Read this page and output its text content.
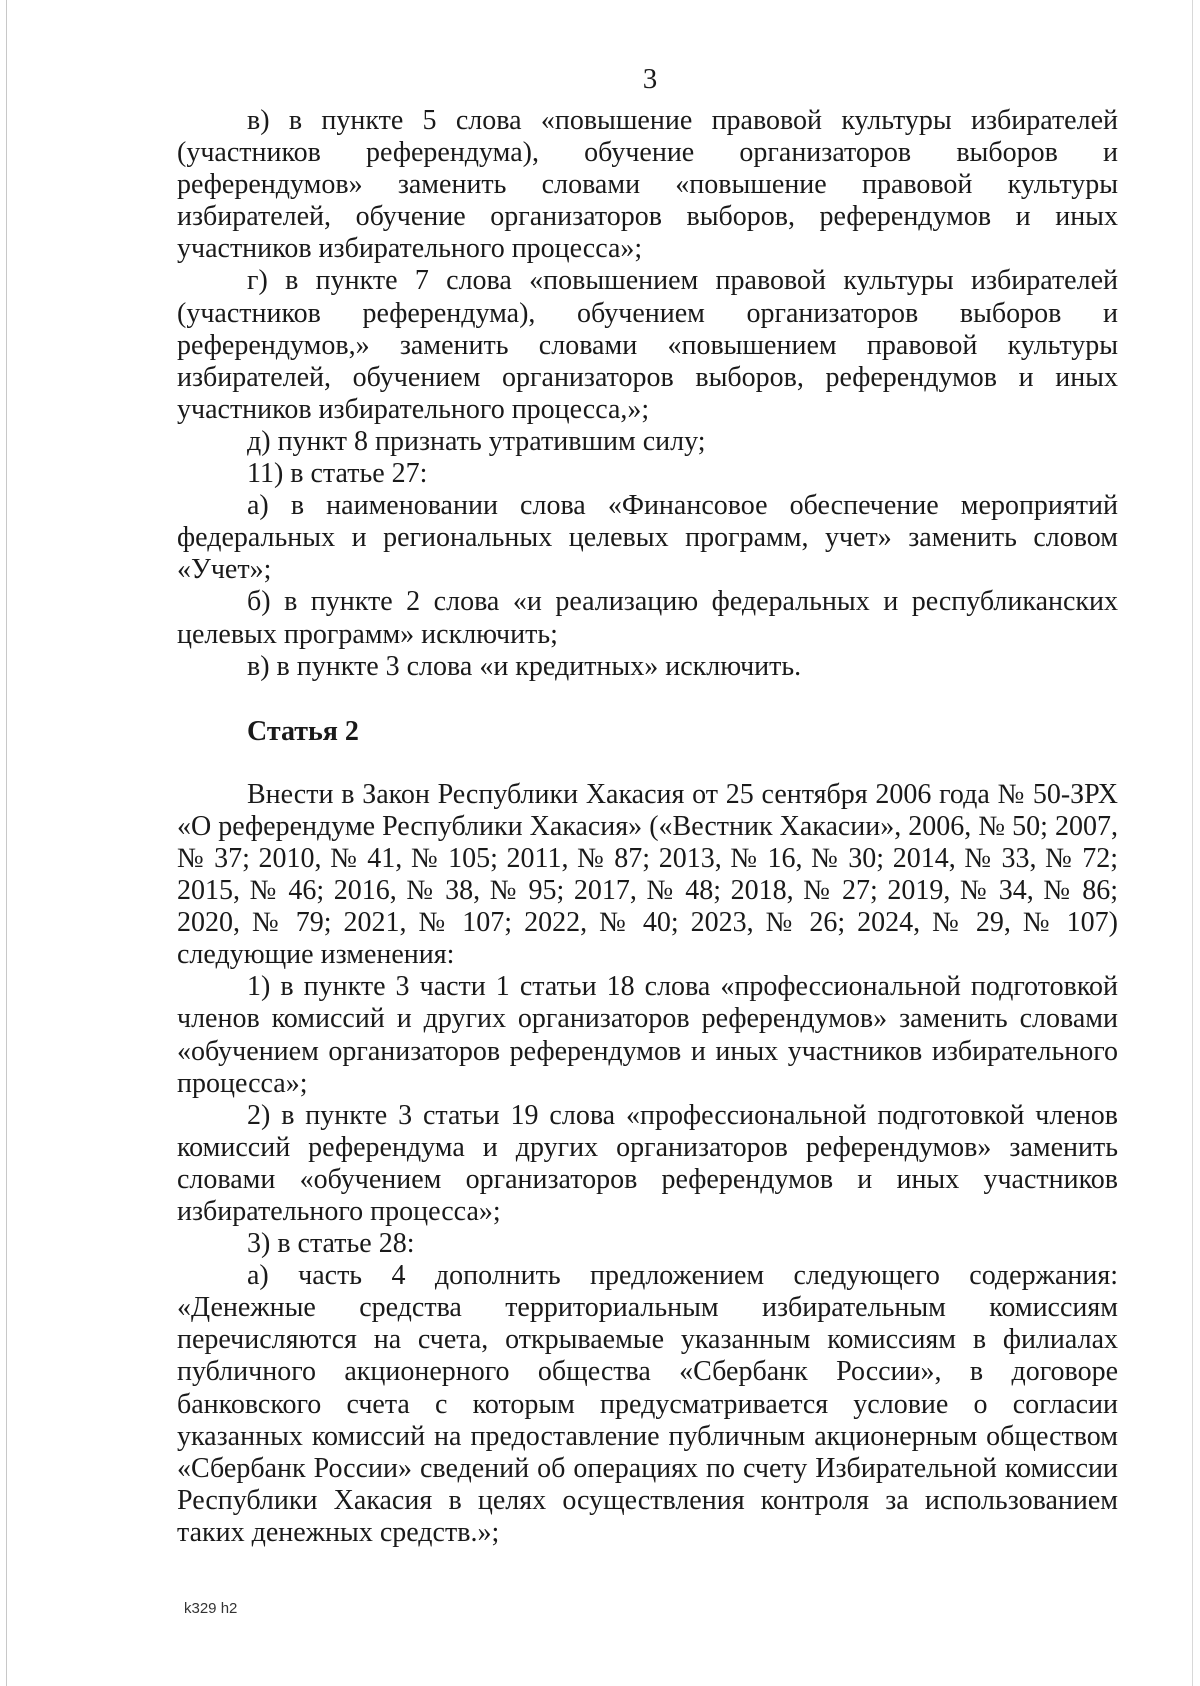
3

в) в пункте 5 слова «повышение правовой культуры избирателей (участников референдума), обучение организаторов выборов и референдумов» заменить словами «повышение правовой культуры избирателей, обучение организаторов выборов, референдумов и иных участников избирательного процесса»;

г) в пункте 7 слова «повышением правовой культуры избирателей (участников референдума), обучением организаторов выборов и референдумов,» заменить словами «повышением правовой культуры избирателей, обучением организаторов выборов, референдумов и иных участников избирательного процесса,»;

д) пункт 8 признать утратившим силу;

11) в статье 27:

а) в наименовании слова «Финансовое обеспечение мероприятий федеральных и региональных целевых программ, учет» заменить словом «Учет»;

б) в пункте 2 слова «и реализацию федеральных и республиканских целевых программ» исключить;

в) в пункте 3 слова «и кредитных» исключить.

Статья 2

Внести в Закон Республики Хакасия от 25 сентября 2006 года № 50-ЗРХ «О референдуме Республики Хакасия» («Вестник Хакасии», 2006, № 50; 2007, № 37; 2010, № 41, № 105; 2011, № 87; 2013, № 16, № 30; 2014, № 33, № 72; 2015, № 46; 2016, № 38, № 95; 2017, № 48; 2018, № 27; 2019, № 34, № 86; 2020, № 79; 2021, № 107; 2022, № 40; 2023, № 26; 2024, № 29, № 107) следующие изменения:

1) в пункте 3 части 1 статьи 18 слова «профессиональной подготовкой членов комиссий и других организаторов референдумов» заменить словами «обучением организаторов референдумов и иных участников избирательного процесса»;

2) в пункте 3 статьи 19 слова «профессиональной подготовкой членов комиссий референдума и других организаторов референдумов» заменить словами «обучением организаторов референдумов и иных участников избирательного процесса»;

3) в статье 28:

а) часть 4 дополнить предложением следующего содержания: «Денежные средства территориальным избирательным комиссиям перечисляются на счета, открываемые указанным комиссиям в филиалах публичного акционерного общества «Сбербанк России», в договоре банковского счета с которым предусматривается условие о согласии указанных комиссий на предоставление публичным акционерным обществом «Сбербанк России» сведений об операциях по счету Избирательной комиссии Республики Хакасия в целях осуществления контроля за использованием таких денежных средств.»;

k329 h2
